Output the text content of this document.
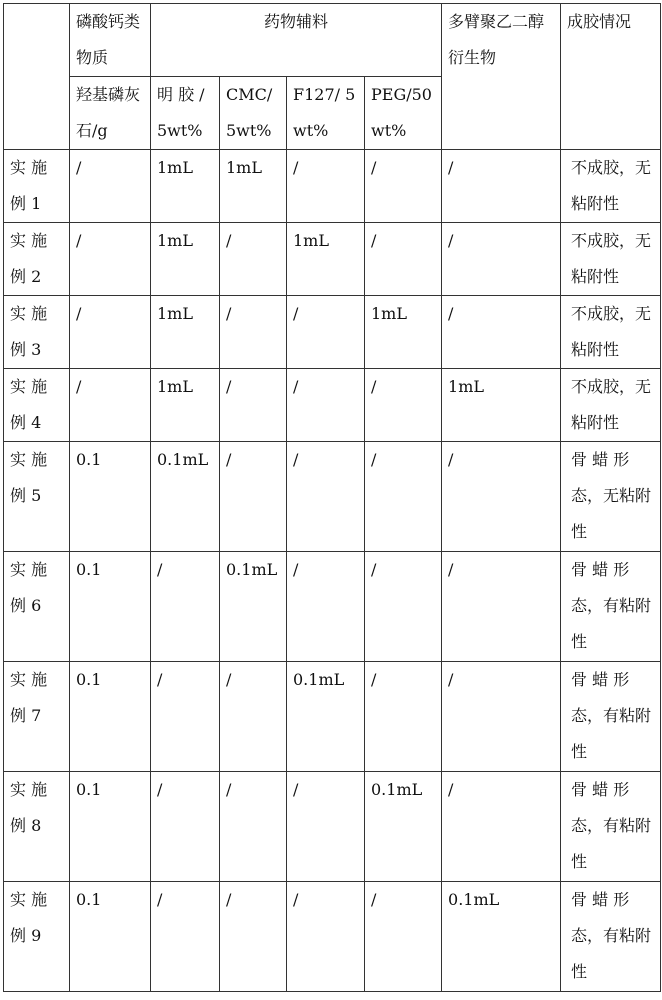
	磷酸钙类物质	药物辅料				多臂聚乙二醇衍生物	成胶情况
	羟基磷灰石/g	明 胶 /5wt%	CMC/ 5wt%	F127/ 5wt%	PEG/50 wt%		
实 施 例 1	/	1mL	1mL	/	/	/	不成胶，无粘附性
实 施 例 2	/	1mL	/	1mL	/	/	不成胶，无粘附性
实 施 例 3	/	1mL	/	/	1mL	/	不成胶，无粘附性
实 施 例 4	/	1mL	/	/	/	1mL	不成胶，无粘附性
实 施 例 5	0.1	0.1mL	/	/	/	/	骨 蜡 形 态，无粘附性
实 施 例 6	0.1	/	0.1mL	/	/	/	骨 蜡 形 态，有粘附性
实 施 例 7	0.1	/	/	0.1mL	/	/	骨 蜡 形 态，有粘附性
实 施 例 8	0.1	/	/	/	0.1mL	/	骨 蜡 形 态，有粘附性
实 施 例 9	0.1	/	/	/	/	0.1mL	骨 蜡 形 态，有粘附性
